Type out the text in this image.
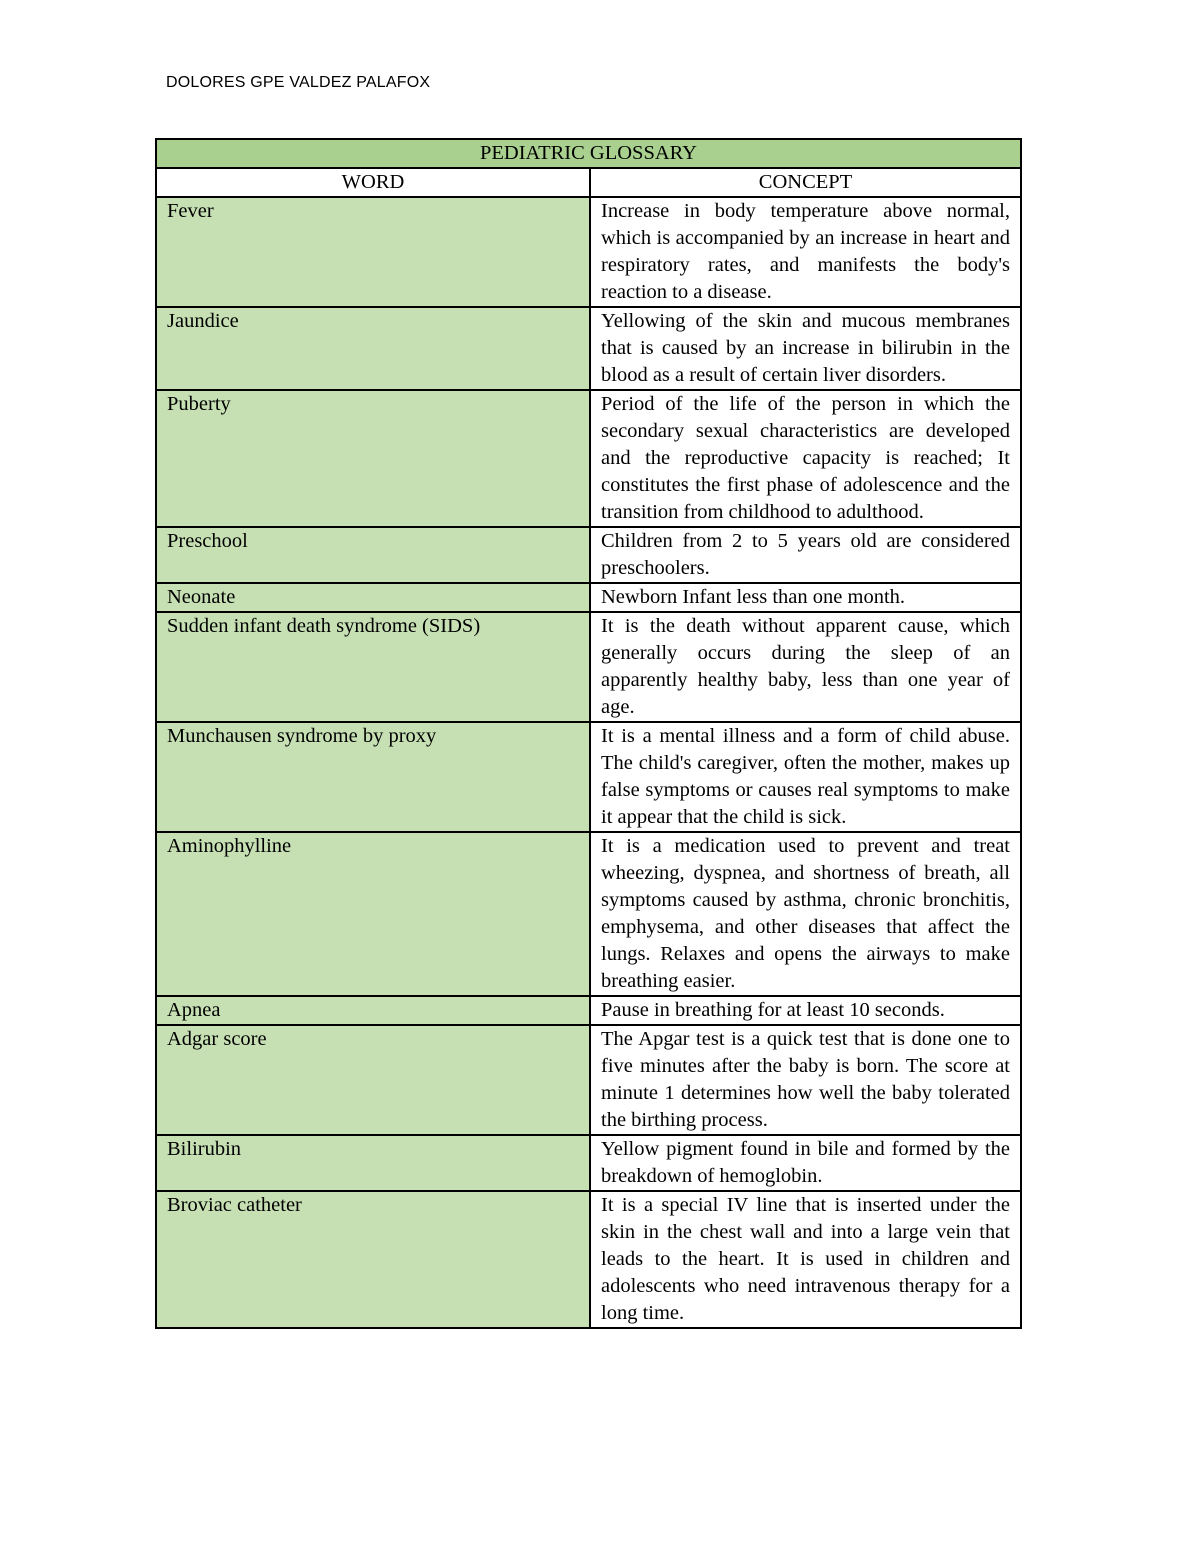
DOLORES GPE VALDEZ PALAFOX
PEDIATRIC GLOSSARY	
WORD	CONCEPT
Fever	Increase in body temperature above normal, which is accompanied by an increase in heart and respiratory rates, and manifests the body's reaction to a disease.
Jaundice	Yellowing of the skin and mucous membranes that is caused by an increase in bilirubin in the blood as a result of certain liver disorders.
Puberty	Period of the life of the person in which the secondary sexual characteristics are developed and the reproductive capacity is reached; It constitutes the first phase of adolescence and the transition from childhood to adulthood.
Preschool	Children from 2 to 5 years old are considered preschoolers.
Neonate	Newborn Infant less than one month.
Sudden infant death syndrome (SIDS)	It is the death without apparent cause, which generally occurs during the sleep of an apparently healthy baby, less than one year of age.
Munchausen syndrome by proxy	It is a mental illness and a form of child abuse. The child's caregiver, often the mother, makes up false symptoms or causes real symptoms to make it appear that the child is sick.
Aminophylline	It is a medication used to prevent and treat wheezing, dyspnea, and shortness of breath, all symptoms caused by asthma, chronic bronchitis, emphysema, and other diseases that affect the lungs. Relaxes and opens the airways to make breathing easier.
Apnea	Pause in breathing for at least 10 seconds.
Adgar score	The Apgar test is a quick test that is done one to five minutes after the baby is born. The score at minute 1 determines how well the baby tolerated the birthing process.
Bilirubin	Yellow pigment found in bile and formed by the breakdown of hemoglobin.
Broviac catheter	It is a special IV line that is inserted under the skin in the chest wall and into a large vein that leads to the heart. It is used in children and adolescents who need intravenous therapy for a long time.
